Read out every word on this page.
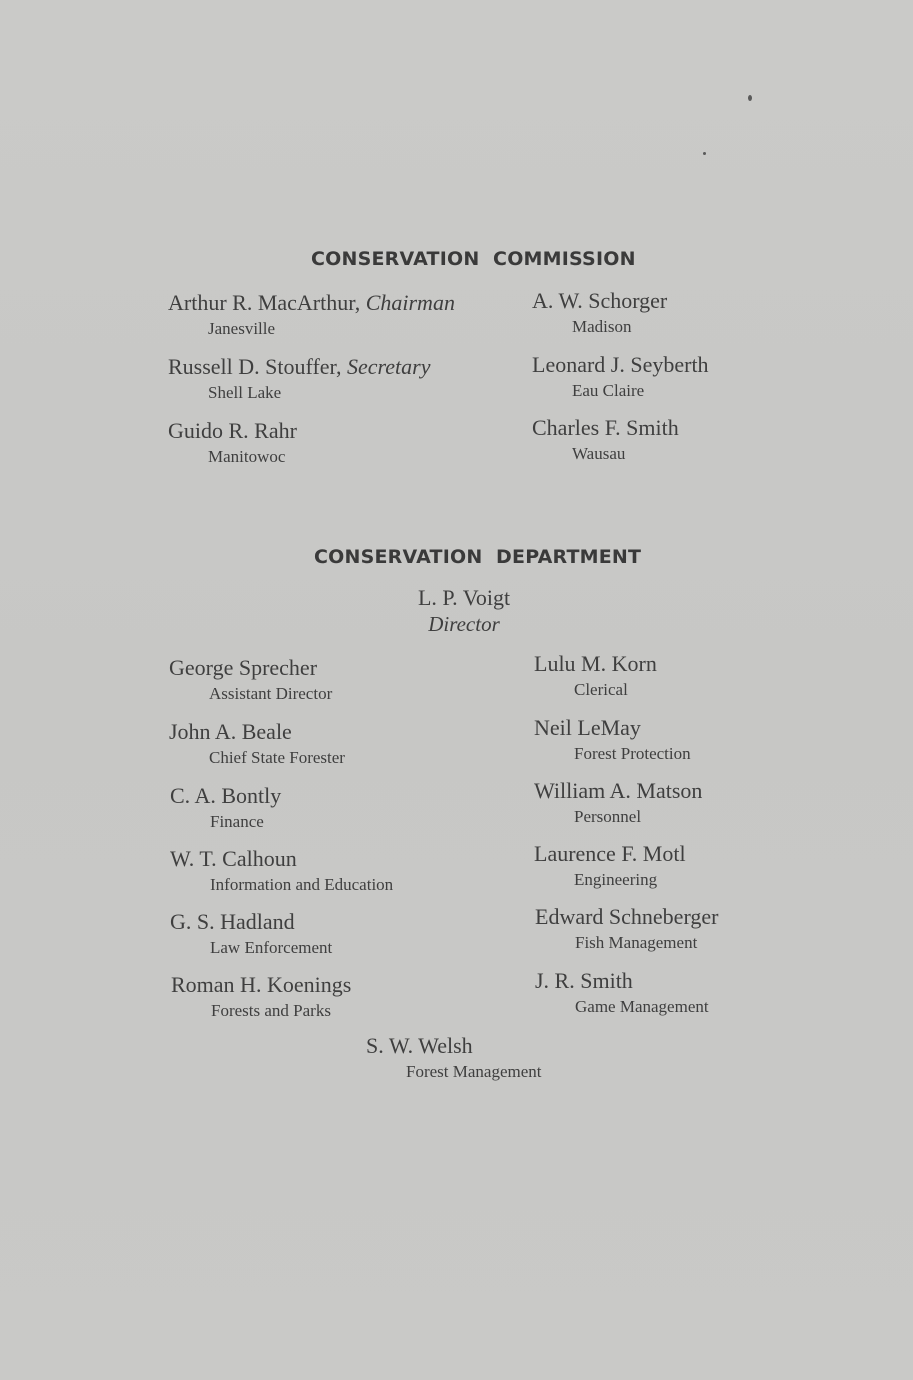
CONSERVATION  COMMISSION
Arthur R. MacArthur, Chairman
Janesville
Russell D. Stouffer, Secretary
Shell Lake
Guido R. Rahr
Manitowoc
A. W. Schorger
Madison
Leonard J. Seyberth
Eau Claire
Charles F. Smith
Wausau
CONSERVATION  DEPARTMENT
L. P. Voigt
Director
George Sprecher
Assistant Director
John A. Beale
Chief State Forester
C. A. Bontly
Finance
W. T. Calhoun
Information and Education
G. S. Hadland
Law Enforcement
Roman H. Koenings
Forests and Parks
Lulu M. Korn
Clerical
Neil LeMay
Forest Protection
William A. Matson
Personnel
Laurence F. Motl
Engineering
Edward Schneberger
Fish Management
J. R. Smith
Game Management
S. W. Welsh
Forest Management
